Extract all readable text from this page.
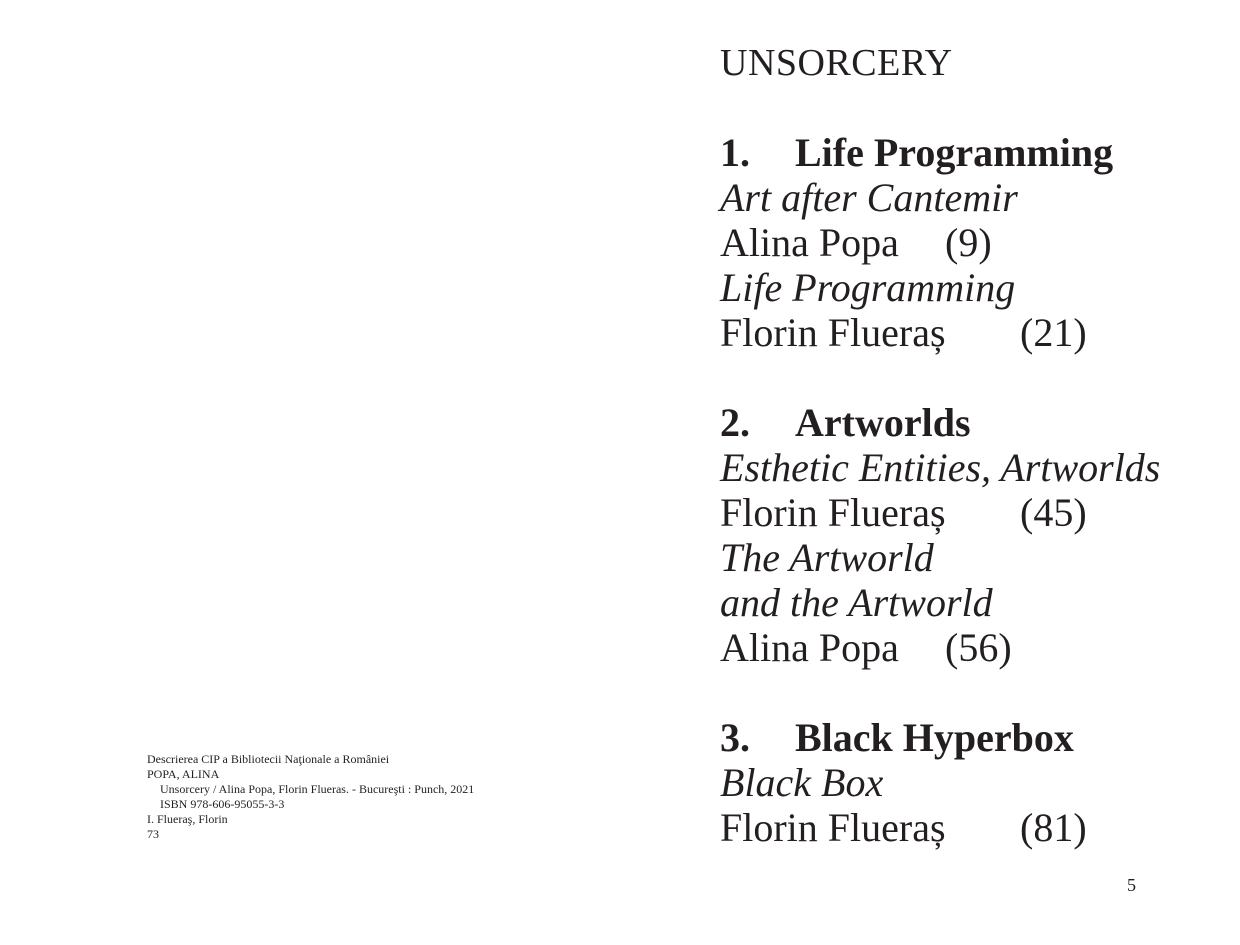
Descrierea CIP a Bibliotecii Naţionale a României
POPA, ALINA
Unsorcery / Alina Popa, Florin Flueras. - Bucureşti : Punch, 2021
ISBN 978-606-95055-3-3
I. Flueraş, Florin
73
UNSORCERY
1. Life Programming
Art after Cantemir
Alina Popa (9)
Life Programming
Florin Flueraș (21)
2. Artworlds
Esthetic Entities, Artworlds
Florin Flueraș (45)
The Artworld
and the Artworld
Alina Popa (56)
3. Black Hyperbox
Black Box
Florin Flueraș (81)
5
